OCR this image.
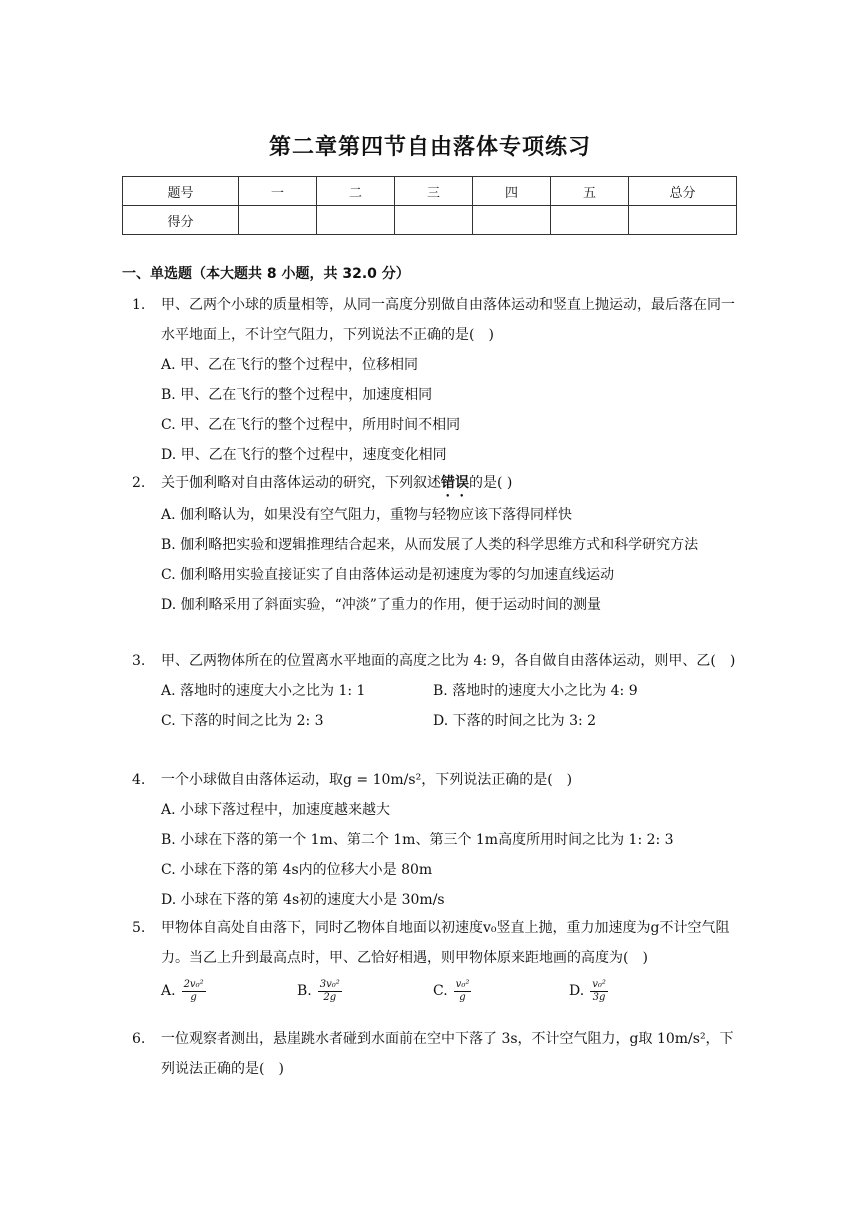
第二章第四节自由落体专项练习
题号	一	二	三	四	五	总分
得分						
一、单选题（本大题共 8 小题，共 32.0 分）
1. 甲、乙两个小球的质量相等，从同一高度分别做自由落体运动和竖直上抛运动，最后落在同一水平地面上，不计空气阻力，下列说法不正确的是(　)
A. 甲、乙在飞行的整个过程中，位移相同
B. 甲、乙在飞行的整个过程中，加速度相同
C. 甲、乙在飞行的整个过程中，所用时间不相同
D. 甲、乙在飞行的整个过程中，速度变化相同
2. 关于伽利略对自由落体运动的研究，下列叙述错误的是( )
A. 伽利略认为，如果没有空气阻力，重物与轻物应该下落得同样快
B. 伽利略把实验和逻辑推理结合起来，从而发展了人类的科学思维方式和科学研究方法
C. 伽利略用实验直接证实了自由落体运动是初速度为零的匀加速直线运动
D. 伽利略采用了斜面实验，“冲淡”了重力的作用，便于运动时间的测量
3. 甲、乙两物体所在的位置离水平地面的高度之比为 4: 9，各自做自由落体运动，则甲、乙(　)
A. 落地时的速度大小之比为 1: 1	B. 落地时的速度大小之比为 4: 9
C. 下落的时间之比为 2: 3	D. 下落的时间之比为 3: 2
4. 一个小球做自由落体运动，取g = 10m/s²，下列说法正确的是(　)
A. 小球下落过程中，加速度越来越大
B. 小球在下落的第一个 1m、第二个 1m、第三个 1m高度所用时间之比为 1: 2: 3
C. 小球在下落的第 4s内的位移大小是 80m
D. 小球在下落的第 4s初的速度大小是 30m/s
5. 甲物体自高处自由落下，同时乙物体自地面以初速度v₀竖直上抛，重力加速度为g不计空气阻力。当乙上升到最高点时，甲、乙恰好相遇，则甲物体原来距地画的高度为(　)
A. $\frac{\text{2v₀²}}{g}$	B. $\frac{\text{3v₀²}}{2g}$	C. $\frac{\text{v₀²}}{g}$	D. $\frac{\text{v₀²}}{3g}$
6. 一位观察者测出，悬崖跳水者碰到水面前在空中下落了 3s，不计空气阻力，g取 10m/s²，下列说法正确的是(　)
